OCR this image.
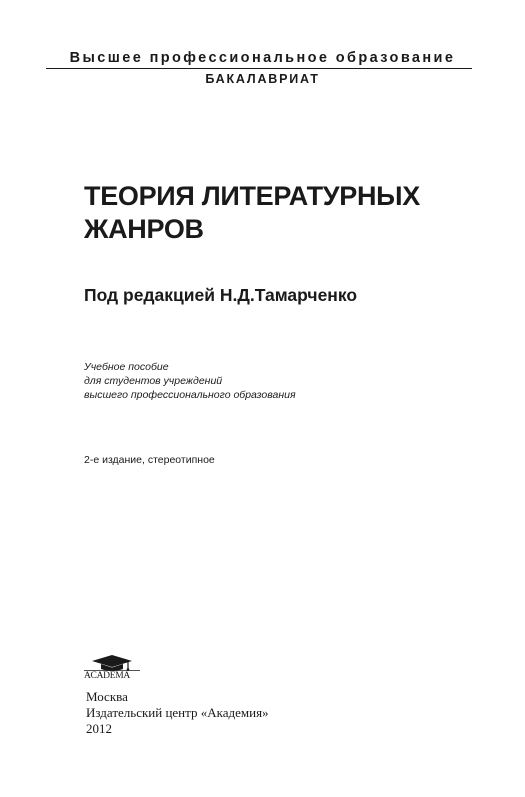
Высшее профессиональное образование
БАКАЛАВРИАТ
ТЕОРИЯ ЛИТЕРАТУРНЫХ
ЖАНРОВ
Под редакцией Н.Д.Тамарченко
Учебное пособие
для студентов учреждений
высшего профессионального образования
2-е издание, стереотипное
ACADEMA
Москва
Издательский центр «Академия»
2012
